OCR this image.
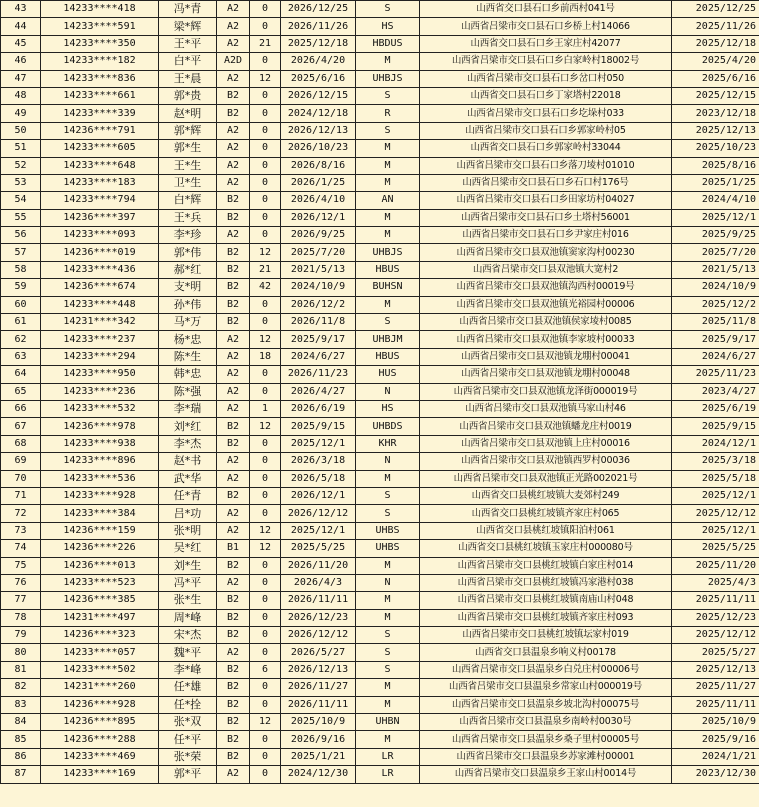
43	14233****418	冯*青	A2	0	2026/12/25	S	山西省交口县石口乡前西村041号	2025/12/25
44	14233****591	梁*辉	A2	0	2026/11/26	HS	山西省吕梁市交口县石口乡桥上村14066	2025/11/26
45	14233****350	王*平	A2	21	2025/12/18	HBDUS	山西省交口县石口乡王家庄村42077	2025/12/18
46	14233****182	白*平	A2D	0	2026/4/20	M	山西省吕梁市交口县石口乡白家岭村18002号	2025/4/20
47	14233****836	王*晨	A2	12	2025/6/16	UHBJS	山西省吕梁市交口县石口乡岔口村050	2025/6/16
48	14233****661	郭*贵	B2	0	2026/12/15	S	山西省交口县石口乡丁家塔村22018	2025/12/15
49	14233****339	赵*明	B2	0	2024/12/18	R	山西省吕梁市交口县石口乡圪垛村033	2023/12/18
50	14236****791	郭*辉	A2	0	2026/12/13	S	山西省吕梁市交口县石口乡郭家岭村05	2025/12/13
51	14233****605	郭*生	A2	0	2026/10/23	M	山西省交口县石口乡郭家岭村33044	2025/10/23
52	14233****648	王*生	A2	0	2026/8/16	M	山西省吕梁市交口县石口乡落刀堎村01010	2025/8/16
53	14233****183	卫*生	A2	0	2026/1/25	M	山西省吕梁市交口县石口乡石口村176号	2025/1/25
54	14233****794	白*辉	B2	0	2026/4/10	AN	山西省吕梁市交口县石口乡田家坊村04027	2024/4/10
55	14236****397	王*兵	B2	0	2026/12/1	M	山西省吕梁市交口县石口乡土塔村56001	2025/12/1
56	14233****093	李*珍	A2	0	2026/9/25	M	山西省吕梁市交口县石口乡尹家庄村016	2025/9/25
57	14236****019	郭*伟	B2	12	2025/7/20	UHBJS	山西省吕梁市交口县双池镇窦家沟村00230	2025/7/20
58	14233****436	郝*红	B2	21	2021/5/13	HBUS	山西省吕梁市交口县双池镇大宽村2	2021/5/13
59	14236****674	支*明	B2	42	2024/10/9	BUHSN	山西省吕梁市交口县双池镇沟西村00019号	2024/10/9
60	14233****448	孙*伟	B2	0	2026/12/2	M	山西省吕梁市交口县双池镇光裕园村00006	2025/12/2
61	14231****342	马*万	B2	0	2026/11/8	S	山西省吕梁市交口县双池镇侯家堎村0085	2025/11/8
62	14233****237	杨*忠	A2	12	2025/9/17	UHBJM	山西省吕梁市交口县双池镇李家坡村00033	2025/9/17
63	14233****294	陈*生	A2	18	2024/6/27	HBUS	山西省吕梁市交口县双池镇龙堋村00041	2024/6/27
64	14233****950	韩*忠	A2	0	2026/11/23	HUS	山西省吕梁市交口县双池镇龙堋村00048	2025/11/23
65	14233****236	陈*强	A2	0	2026/4/27	N	山西省吕梁市交口县双池镇龙泽街000019号	2023/4/27
66	14233****532	李*瑞	A2	1	2026/6/19	HS	山西省吕梁市交口县双池镇马家山村46	2025/6/19
67	14236****978	刘*红	B2	12	2025/9/15	UHBDS	山西省吕梁市交口县双池镇蟠龙庄村0019	2025/9/15
68	14233****938	李*杰	B2	0	2025/12/1	KHR	山西省吕梁市交口县双池镇上庄村00016	2024/12/1
69	14233****896	赵*书	A2	0	2026/3/18	N	山西省吕梁市交口县双池镇西罗村00036	2025/3/18
70	14233****536	武*华	A2	0	2026/5/18	M	山西省吕梁市交口县双池镇正光路002021号	2025/5/18
71	14233****928	任*青	B2	0	2026/12/1	S	山西省交口县桃红坡镇大麦郊村249	2025/12/1
72	14233****384	吕*功	A2	0	2026/12/12	S	山西省交口县桃红坡镇齐家庄村065	2025/12/12
73	14236****159	张*明	A2	12	2025/12/1	UHBS	山西省交口县桃红坡镇阳泊村061	2025/12/1
74	14236****226	吴*红	B1	12	2025/5/25	UHBS	山西省交口县桃红坡镇玉家庄村000080号	2025/5/25
75	14236****013	刘*生	B2	0	2026/11/20	M	山西省吕梁市交口县桃红坡镇白家庄村014	2025/11/20
76	14233****523	冯*平	A2	0	2026/4/3	N	山西省吕梁市交口县桃红坡镇冯家港村038	2025/4/3
77	14236****385	张*生	B2	0	2026/11/11	M	山西省吕梁市交口县桃红坡镇南庙山村048	2025/11/11
78	14231****497	周*峰	B2	0	2026/12/23	M	山西省吕梁市交口县桃红坡镇齐家庄村093	2025/12/23
79	14236****323	宋*杰	B2	0	2026/12/12	S	山西省吕梁市交口县桃红坡镇坛家村019	2025/12/12
80	14233****057	魏*平	A2	0	2026/5/27	S	山西省交口县温泉乡响义村00178	2025/5/27
81	14233****502	李*峰	B2	6	2026/12/13	S	山西省吕梁市交口县温泉乡白兑庄村00006号	2025/12/13
82	14231****260	任*雄	B2	0	2026/11/27	M	山西省吕梁市交口县温泉乡常家山村000019号	2025/11/27
83	14236****928	任*拴	B2	0	2026/11/11	M	山西省吕梁市交口县温泉乡坡北沟村00075号	2025/11/11
84	14236****895	张*双	B2	12	2025/10/9	UHBN	山西省吕梁市交口县温泉乡南岭村0030号	2025/10/9
85	14236****288	任*平	B2	0	2026/9/16	M	山西省吕梁市交口县温泉乡桑子里村00005号	2025/9/16
86	14233****469	张*荣	B2	0	2025/1/21	LR	山西省吕梁市交口县温泉乡苏家滩村00001	2024/1/21
87	14233****169	郭*平	A2	0	2024/12/30	LR	山西省吕梁市交口县温泉乡王家山村0014号	2023/12/30
